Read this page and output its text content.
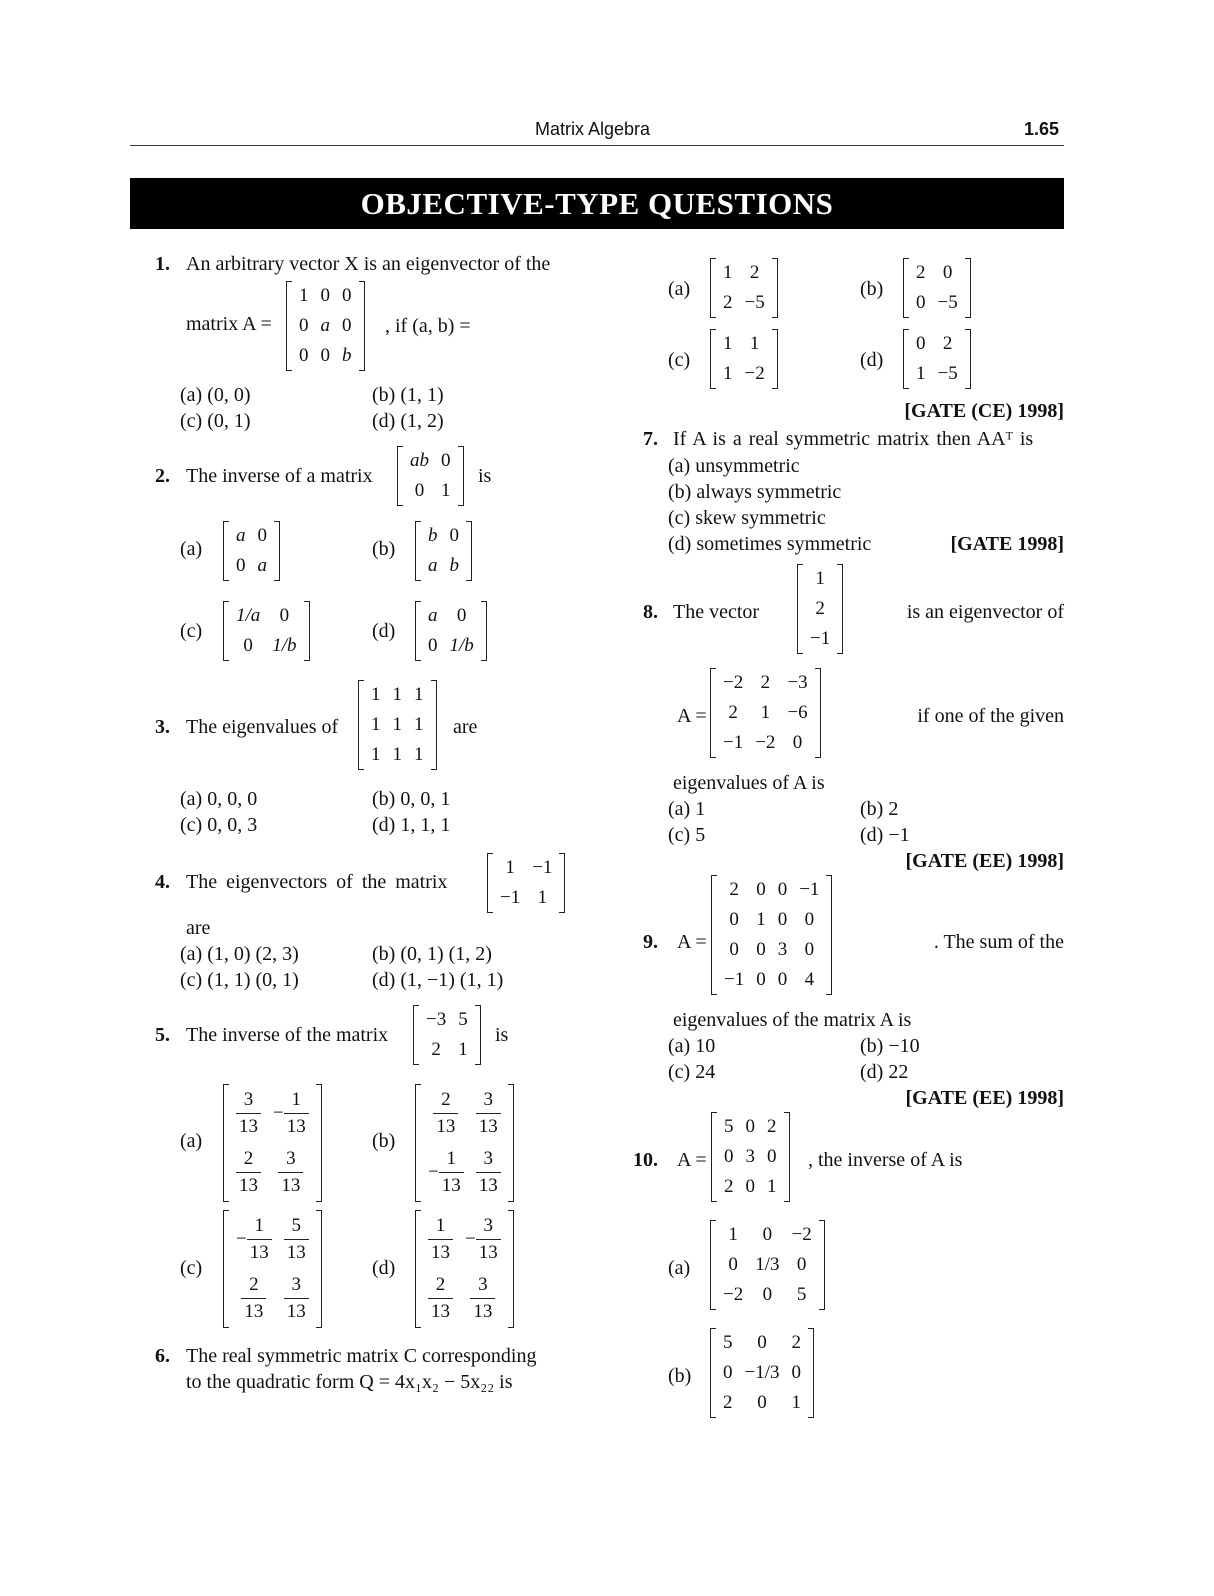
Matrix Algebra	1.65
OBJECTIVE-TYPE QUESTIONS
1. An arbitrary vector X is an eigenvector of the
matrix A =
1	0	0
0	a	0
0	0	b
, if (a, b) =
(a) (0, 0)	(b) (1, 1)
(c) (0, 1)	(d) (1, 2)
2. The inverse of a matrix
ab	0
0	1
is
(a)
a	0
0	a
(b)
b	0
a	b
(c)
1/a	0
0	1/b
(d)
a	0
0	1/b
3. The eigenvalues of
1	1	1
1	1	1
1	1	1
are
(a) 0, 0, 0	(b) 0, 0, 1
(c) 0, 0, 3	(d) 1, 1, 1
4. The eigenvectors of the matrix
1	−1
−1	1
are
(a) (1, 0) (2, 3)	(b) (0, 1) (1, 2)
(c) (1, 1) (0, 1)	(d) (1, −1) (1, 1)
5. The inverse of the matrix
−3	5
2	1
is
(a)
$\frac{3}{13}$	− $\frac{1}{13}$

$\frac{2}{13}$	$\frac{3}{13}$
(b)
$\frac{2}{13}$	$\frac{3}{13}$

− $\frac{1}{13}$	$\frac{3}{13}$
(c)
− $\frac{1}{13}$	$\frac{5}{13}$

$\frac{2}{13}$	$\frac{3}{13}$
(d)
$\frac{1}{13}$	− $\frac{3}{13}$

$\frac{2}{13}$	$\frac{3}{13}$
6. The real symmetric matrix C corresponding
to the quadratic form Q = 4x₁x₂ − 5x₂₂ is
(a)
1	2
2	−5
(b)
2	0
0	−5
(c)
1	1
1	−2
(d)
0	2
1	−5
[GATE (CE) 1998]
7. If A is a real symmetric matrix then AAᵀ is
(a) unsymmetric
(b) always symmetric
(c) skew symmetric
(d) sometimes symmetric	[GATE 1998]
8. The vector
1
2
−1
is an eigenvector of
A =
−2	2	−3
2	1	−6
−1	−2	0
if one of the given
eigenvalues of A is
(a) 1	(b) 2
(c) 5	(d) −1
[GATE (EE) 1998]
9. A =
2	0	0	−1
0	1	0	0
0	0	3	0
−1	0	0	4
. The sum of the
eigenvalues of the matrix A is
(a) 10	(b) −10
(c) 24	(d) 22
[GATE (EE) 1998]
10. A =
5	0	2
0	3	0
2	0	1
, the inverse of A is
(a)
1	0	−2
0	1/3	0
−2	0	5
(b)
5	0	2
0	−1/3	0
2	0	1
